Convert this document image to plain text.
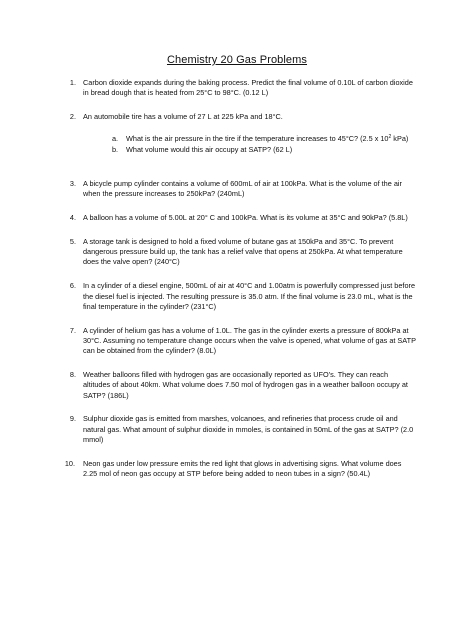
Chemistry 20 Gas Problems
1. Carbon dioxide expands during the baking process. Predict the final volume of 0.10L of carbon dioxide in bread dough that is heated from 25°C to 98°C. (0.12 L)
2. An automobile tire has a volume of 27 L at 225 kPa and 18°C.
a. What is the air pressure in the tire if the temperature increases to 45°C? (2.5 x $10^2$ kPa)
b. What volume would this air occupy at SATP? (62 L)
3. A bicycle pump cylinder contains a volume of 600mL of air at 100kPa. What is the volume of the air when the pressure increases to 250kPa? (240mL)
4. A balloon has a volume of 5.00L at 20° C and 100kPa. What is its volume at 35°C and 90kPa? (5.8L)
5. A storage tank is designed to hold a fixed volume of butane gas at 150kPa and 35°C. To prevent dangerous pressure build up, the tank has a relief valve that opens at 250kPa. At what temperature does the valve open? (240°C)
6. In a cylinder of a diesel engine, 500mL of air at 40°C and 1.00atm is powerfully compressed just before the diesel fuel is injected. The resulting pressure is 35.0 atm. If the final volume is 23.0 mL, what is the final temperature in the cylinder? (231°C)
7. A cylinder of helium gas has a volume of 1.0L. The gas in the cylinder exerts a pressure of 800kPa at 30°C. Assuming no temperature change occurs when the valve is opened, what volume of gas at SATP can be obtained from the cylinder? (8.0L)
8. Weather balloons filled with hydrogen gas are occasionally reported as UFO’s. They can reach altitudes of about 40km. What volume does 7.50 mol of hydrogen gas in a weather balloon occupy at SATP? (186L)
9. Sulphur dioxide gas is emitted from marshes, volcanoes, and refineries that process crude oil and natural gas. What amount of sulphur dioxide in mmoles, is contained in 50mL of the gas at SATP? (2.0 mmol)
10. Neon gas under low pressure emits the red light that glows in advertising signs. What volume does 2.25 mol of neon gas occupy at STP before being added to neon tubes in a sign? (50.4L)
